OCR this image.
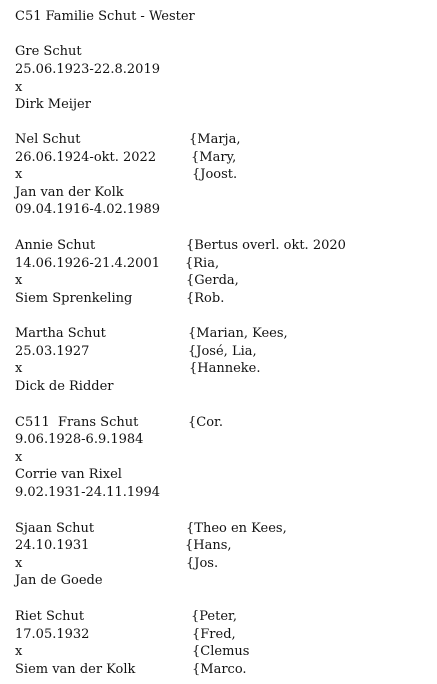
C51 Familie Schut - Wester
Gre Schut
25.06.1923-22.8.2019
x
Dirk Meijer
Nel Schut
26.06.1924-okt. 2022
x
Jan van der Kolk
09.04.1916-4.02.1989
{Marja,
{Mary,
{Joost.
Annie Schut
14.06.1926-21.4.2001
x
Siem Sprenkeling
{Bertus overl. okt. 2020
{Ria,
{Gerda,
{Rob.
Martha Schut
25.03.1927
x
Dick de Ridder
{Marian, Kees,
{José, Lia,
{Hanneke.
C511  Frans Schut
9.06.1928-6.9.1984
x
Corrie van Rixel
9.02.1931-24.11.1994
{Cor.
Sjaan Schut
24.10.1931
x
Jan de Goede
{Theo en Kees,
{Hans,
{Jos.
Riet Schut
17.05.1932
x
Siem van der Kolk
{Peter,
{Fred,
{Clemus
{Marco.
